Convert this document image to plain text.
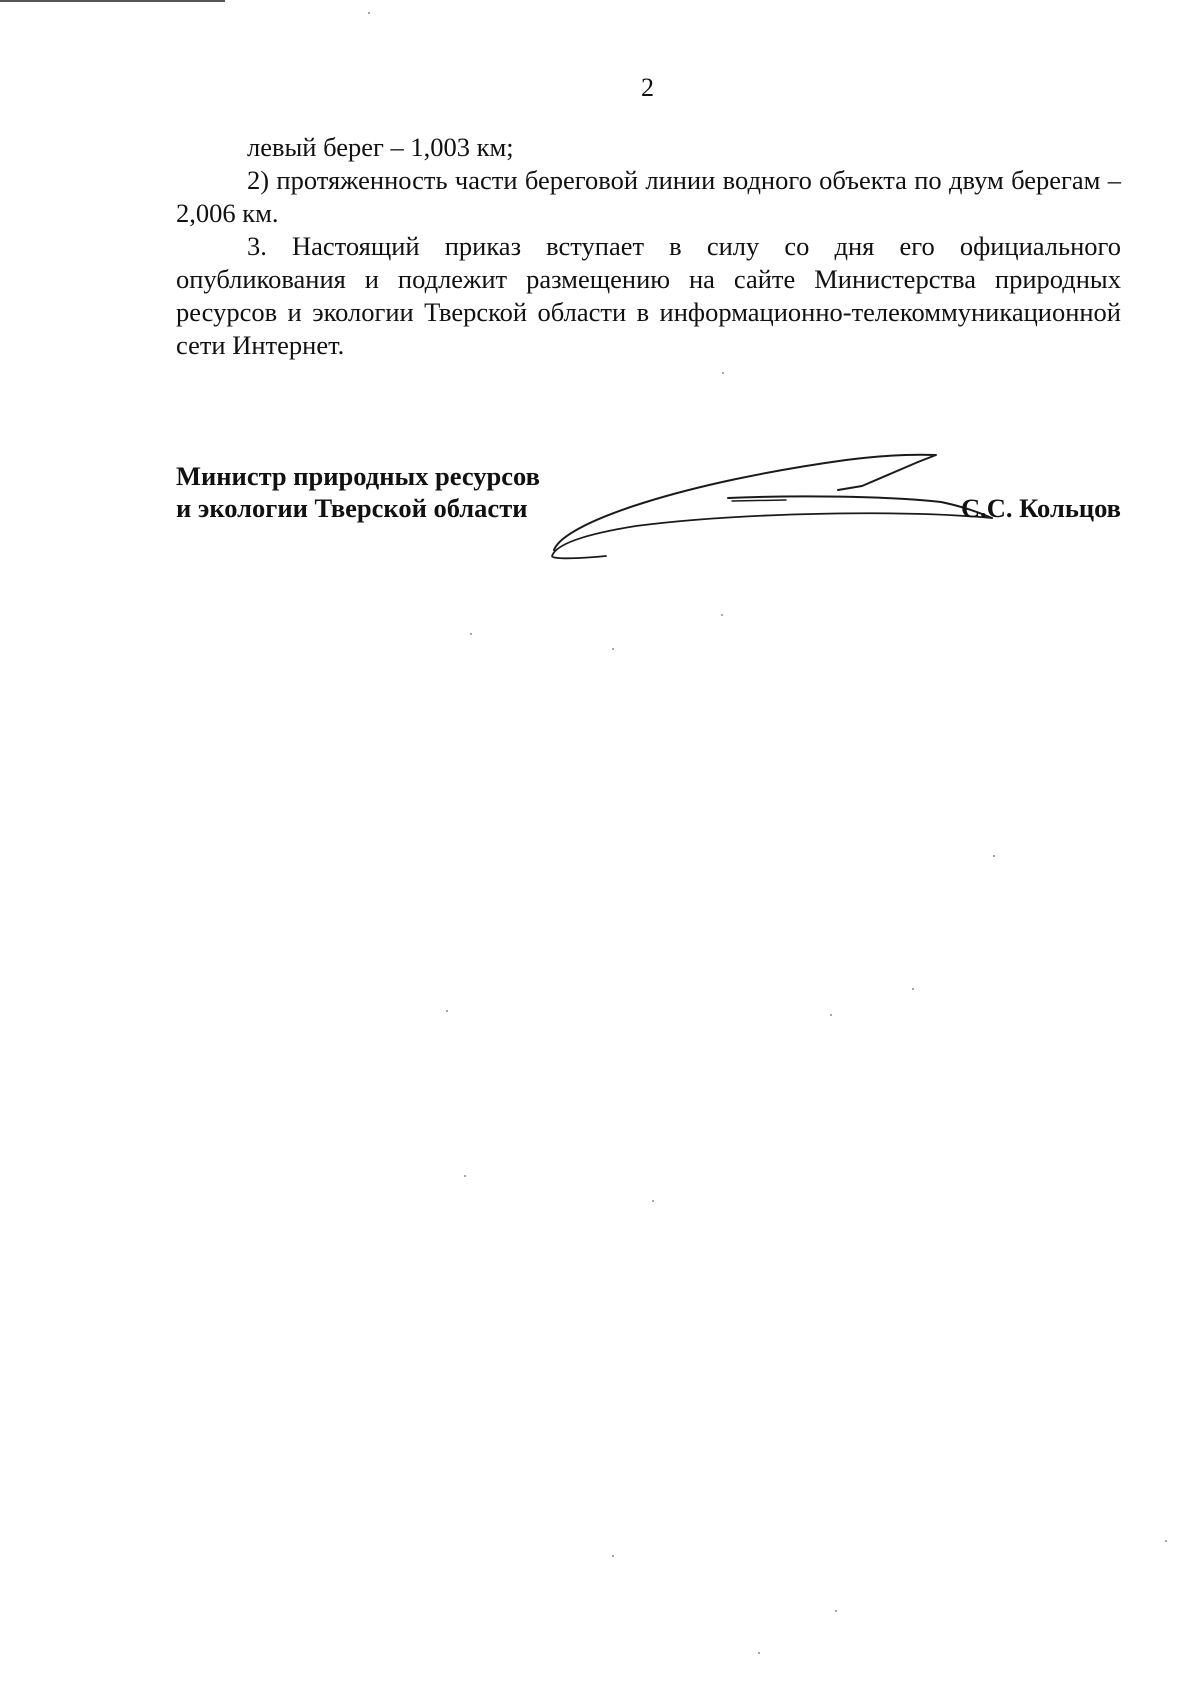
2

левый берег – 1,003 км;

2) протяженность части береговой линии водного объекта по двум берегам – 2,006 км.

3. Настоящий приказ вступает в силу со дня его официального опубликования и подлежит размещению на сайте Министерства природных ресурсов и экологии Тверской области в информационно-телекоммуникационной сети Интернет.

Министр природных ресурсов
и экологии Тверской области	С.С. Кольцов
